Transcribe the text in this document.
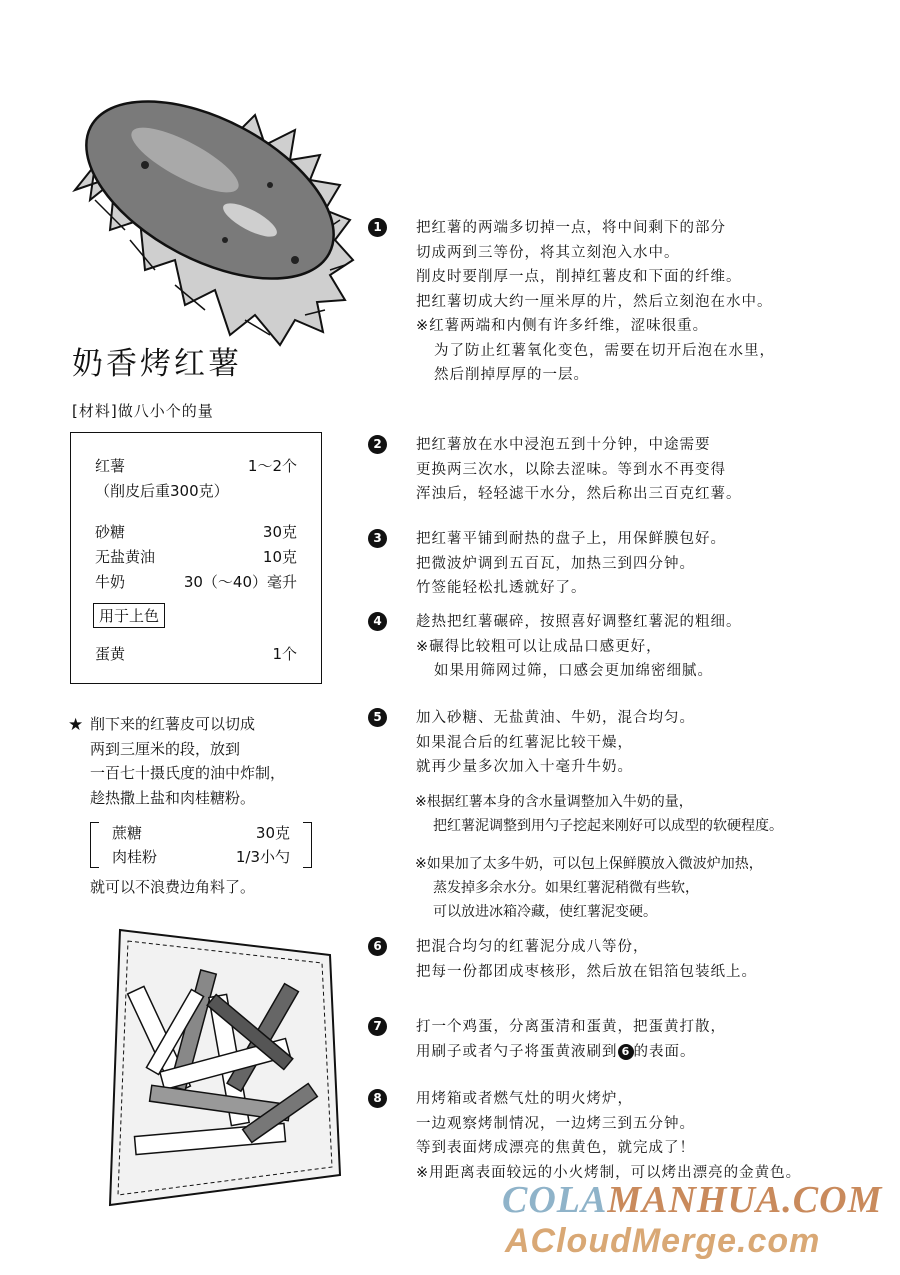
奶香烤红薯
[材料]做八小个的量
红薯	1～2个
（削皮后重300克）
砂糖	30克
无盐黄油	10克
牛奶	30（～40）毫升
用于上色
蛋黄	1个
★ 削下来的红薯皮可以切成
两到三厘米的段，放到
一百七十摄氏度的油中炸制，
趁热撒上盐和肉桂糖粉。
蔗糖	30克
肉桂粉	1/3小勺
就可以不浪费边角料了。
1	把红薯的两端多切掉一点，将中间剩下的部分
切成两到三等份，将其立刻泡入水中。
削皮时要削厚一点，削掉红薯皮和下面的纤维。
把红薯切成大约一厘米厚的片，然后立刻泡在水中。
※红薯两端和内侧有许多纤维，涩味很重。
为了防止红薯氧化变色，需要在切开后泡在水里，
然后削掉厚厚的一层。
2	把红薯放在水中浸泡五到十分钟，中途需要
更换两三次水，以除去涩味。等到水不再变得
浑浊后，轻轻滤干水分，然后称出三百克红薯。
3	把红薯平铺到耐热的盘子上，用保鲜膜包好。
把微波炉调到五百瓦，加热三到四分钟。
竹签能轻松扎透就好了。
4	趁热把红薯碾碎，按照喜好调整红薯泥的粗细。
※碾得比较粗可以让成品口感更好，
如果用筛网过筛，口感会更加绵密细腻。
5	加入砂糖、无盐黄油、牛奶，混合均匀。
如果混合后的红薯泥比较干燥，
就再少量多次加入十毫升牛奶。
※根据红薯本身的含水量调整加入牛奶的量，
把红薯泥调整到用勺子挖起来刚好可以成型的软硬程度。
※如果加了太多牛奶，可以包上保鲜膜放入微波炉加热，
蒸发掉多余水分。如果红薯泥稍微有些软，
可以放进冰箱冷藏，使红薯泥变硬。
6	把混合均匀的红薯泥分成八等份，
把每一份都团成枣核形，然后放在铝箔包装纸上。
7	打一个鸡蛋，分离蛋清和蛋黄，把蛋黄打散，
用刷子或者勺子将蛋黄液刷到 6 的表面。
8	用烤箱或者燃气灶的明火烤炉，
一边观察烤制情况，一边烤三到五分钟。
等到表面烤成漂亮的焦黄色，就完成了！
※用距离表面较远的小火烤制，可以烤出漂亮的金黄色。
COLAMANHUA.COM
ACloudMerge.com
